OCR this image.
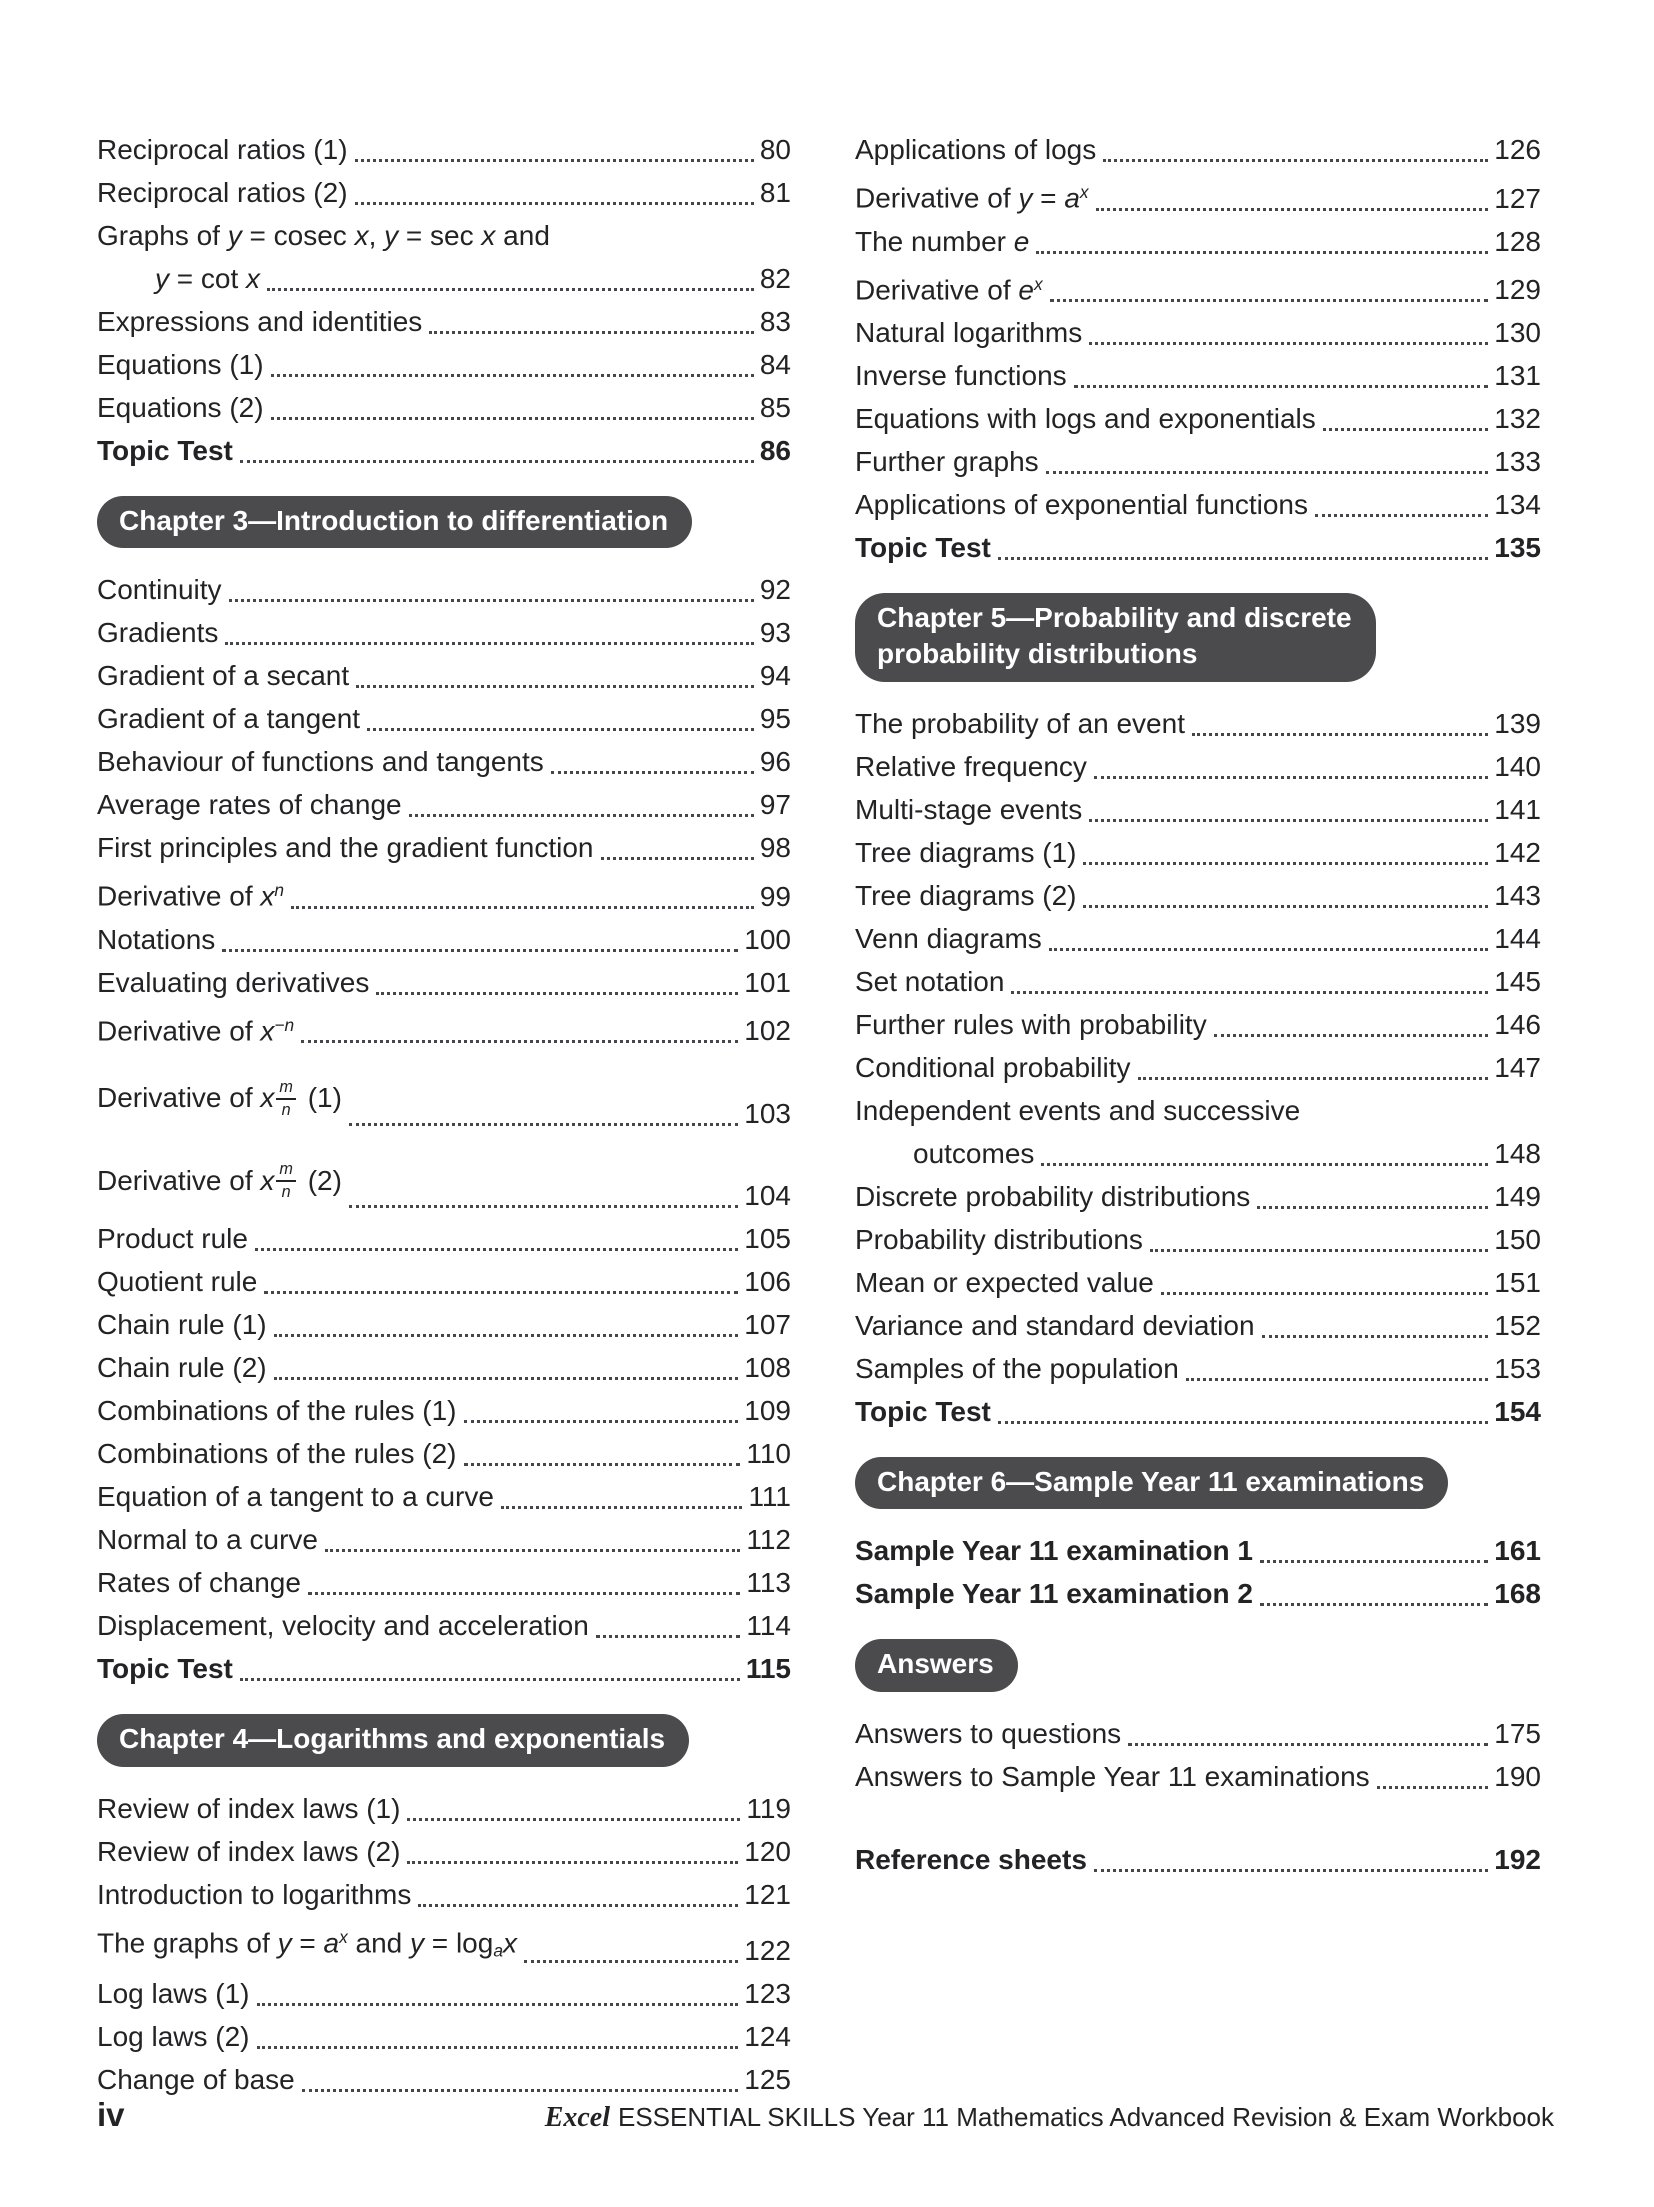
Reciprocal ratios (1)	80
Reciprocal ratios (2)	81
Graphs of y = cosec x, y = sec x and
y = cot x	82
Expressions and identities	83
Equations (1)	84
Equations (2)	85
Topic Test	86
Chapter 3—Introduction to differentiation
Continuity	92
Gradients	93
Gradient of a secant	94
Gradient of a tangent	95
Behaviour of functions and tangents	96
Average rates of change	97
First principles and the gradient function	98
Derivative of $x^n$	99
Notations	100
Evaluating derivatives	101
Derivative of $x^{-n}$	102
Derivative of x $\frac{m}{n} (1)$	103
Derivative of x $\frac{m}{n} (2)$	104
Product rule	105
Quotient rule	106
Chain rule (1)	107
Chain rule (2)	108
Combinations of the rules (1)	109
Combinations of the rules (2)	110
Equation of a tangent to a curve	111
Normal to a curve	112
Rates of change	113
Displacement, velocity and acceleration	114
Topic Test	115
Chapter 4—Logarithms and exponentials
Review of index laws (1)	119
Review of index laws (2)	120
Introduction to logarithms	121
The graphs of $y = a^x$ and $y = \log_ax$	122
Log laws (1)	123
Log laws (2)	124
Change of base	125
Applications of logs	126
Derivative of $y = a^x$	127
The number e	128
Derivative of $e^x$	129
Natural logarithms	130
Inverse functions	131
Equations with logs and exponentials	132
Further graphs	133
Applications of exponential functions	134
Topic Test	135
Chapter 5—Probability and discrete
probability distributions
The probability of an event	139
Relative frequency	140
Multi-stage events	141
Tree diagrams (1)	142
Tree diagrams (2)	143
Venn diagrams	144
Set notation	145
Further rules with probability	146
Conditional probability	147
Independent events and successive
outcomes	148
Discrete probability distributions	149
Probability distributions	150
Mean or expected value	151
Variance and standard deviation	152
Samples of the population	153
Topic Test	154
Chapter 6—Sample Year 11 examinations
Sample Year 11 examination 1	161
Sample Year 11 examination 2	168
Answers
Answers to questions	175
Answers to Sample Year 11 examinations	190
Reference sheets	192
iv	Excel ESSENTIAL SKILLS Year 11 Mathematics Advanced Revision & Exam Workbook
